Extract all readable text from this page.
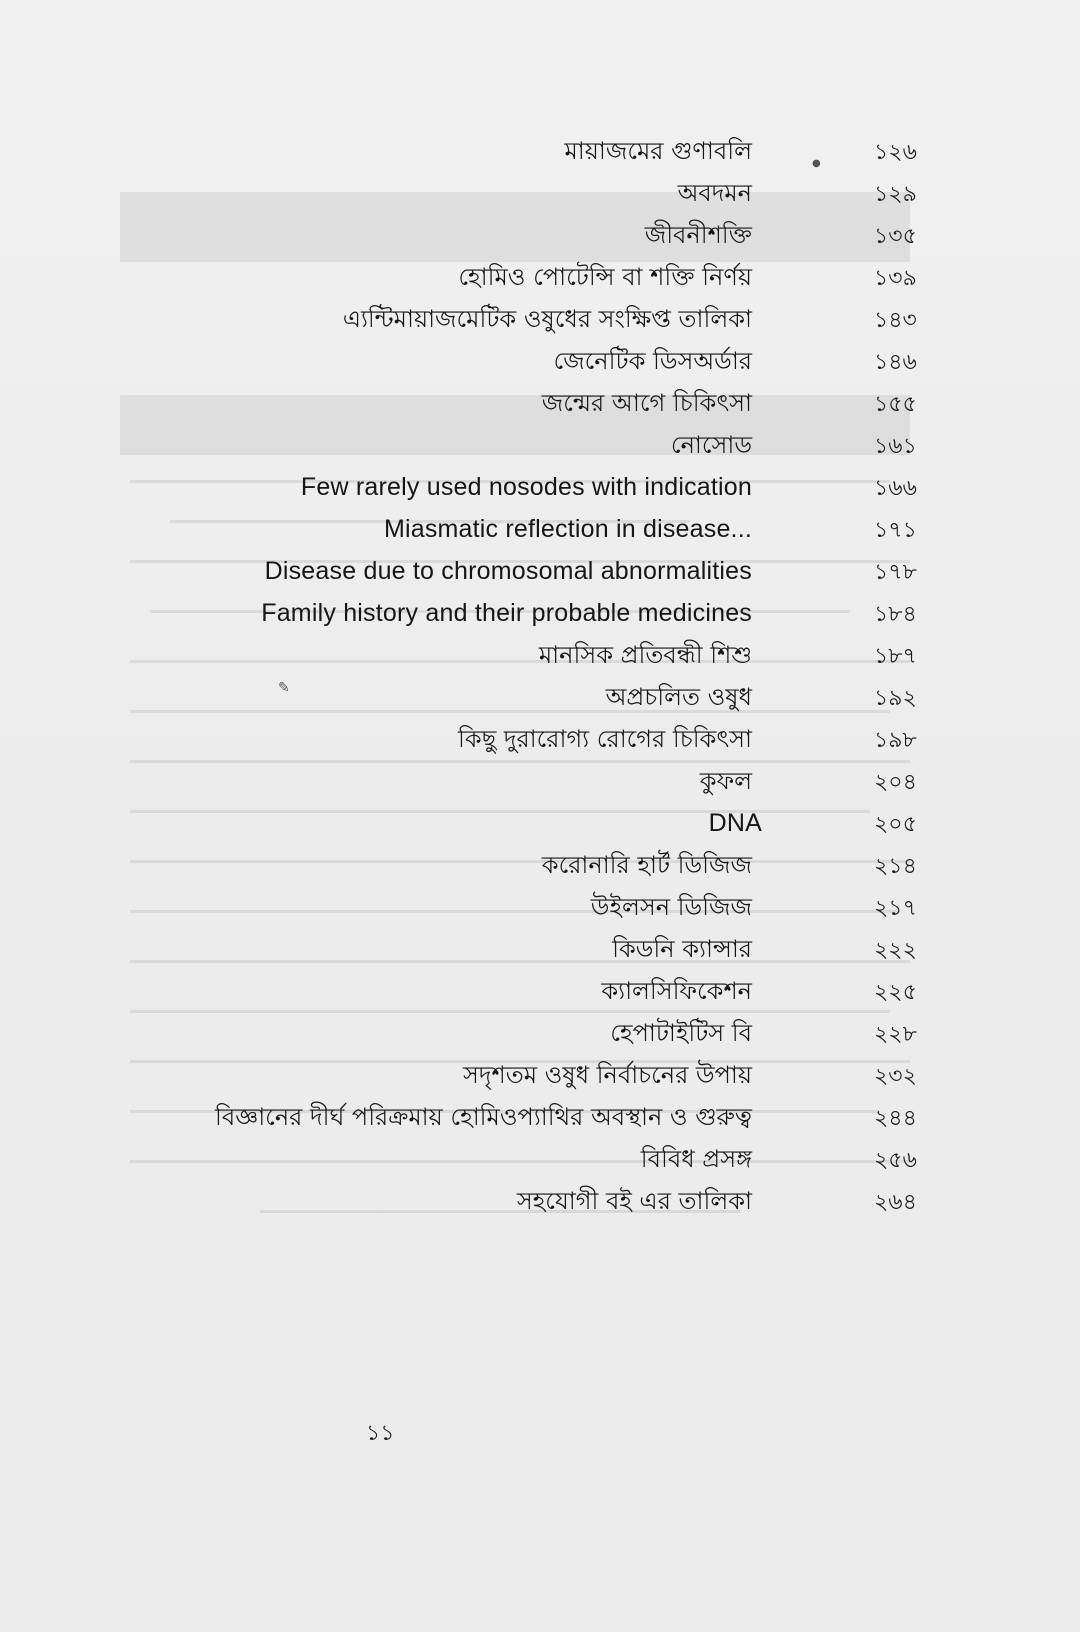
মায়াজমের গুণাবলি	১২৬
অবদমন	১২৯
জীবনীশক্তি	১৩৫
হোমিও পোটেন্সি বা শক্তি নির্ণয়	১৩৯
এ্যন্টিমায়াজমেটিক ওষুধের সংক্ষিপ্ত তালিকা	১৪৩
জেনেটিক ডিসঅর্ডার	১৪৬
জন্মের আগে চিকিৎসা	১৫৫
নোসোড	১৬১
Few rarely used nosodes with indication	১৬৬
Miasmatic reflection in disease...	১৭১
Disease due to chromosomal abnormalities	১৭৮
Family history and their probable medicines	১৮৪
মানসিক প্রতিবন্ধী শিশু	১৮৭
অপ্রচলিত ওষুধ	১৯২
কিছু দুরারোগ্য রোগের চিকিৎসা	১৯৮
কুফল	২০৪
DNA	২০৫
করোনারি হার্ট ডিজিজ	২১৪
উইলসন ডিজিজ	২১৭
কিডনি ক্যান্সার	২২২
ক্যালসিফিকেশন	২২৫
হেপাটাইটিস বি	২২৮
সদৃশতম ওষুধ নির্বাচনের উপায়	২৩২
বিজ্ঞানের দীর্ঘ পরিক্রমায় হোমিওপ্যাথির অবস্থান ও গুরুত্ব	২৪৪
বিবিধ প্রসঙ্গ	২৫৬
সহযোগী বই এর তালিকা	২৬৪
১১
●
✎
